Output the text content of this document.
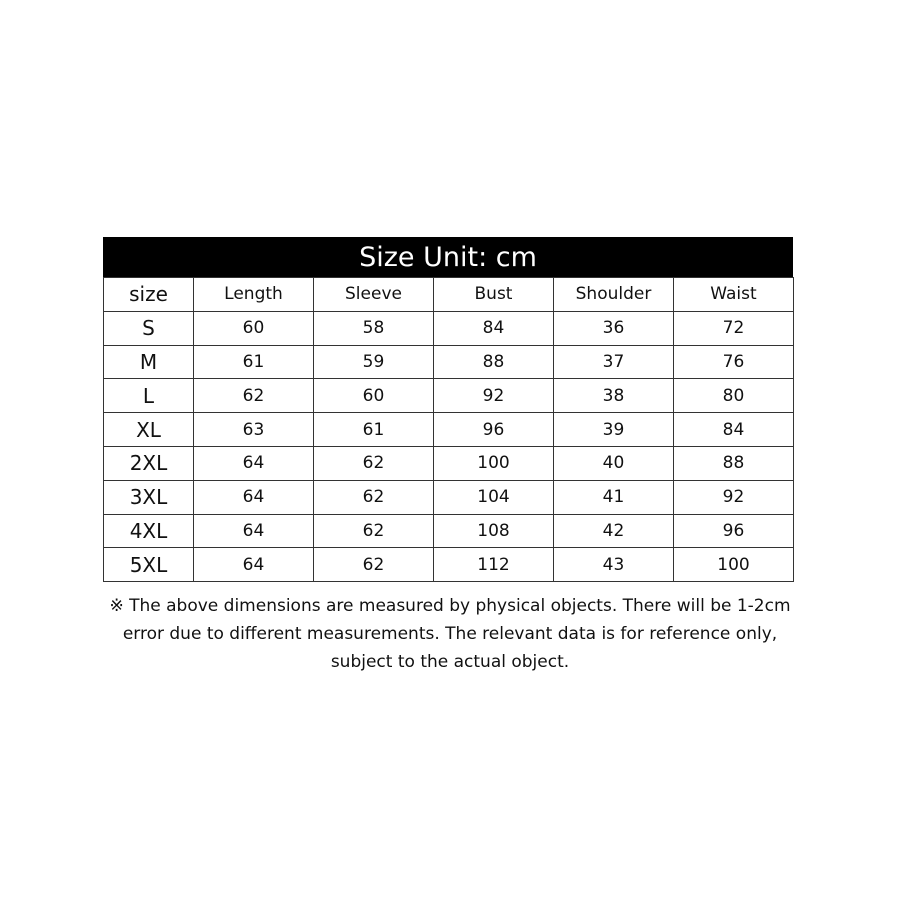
Size Unit: cm
size	Length	Sleeve	Bust	Shoulder	Waist
S	60	58	84	36	72
M	61	59	88	37	76
L	62	60	92	38	80
XL	63	61	96	39	84
2XL	64	62	100	40	88
3XL	64	62	104	41	92
4XL	64	62	108	42	96
5XL	64	62	112	43	100
※ The above dimensions are measured by physical objects. There will be 1-2cm error due to different measurements. The relevant data is for reference only, subject to the actual object.
